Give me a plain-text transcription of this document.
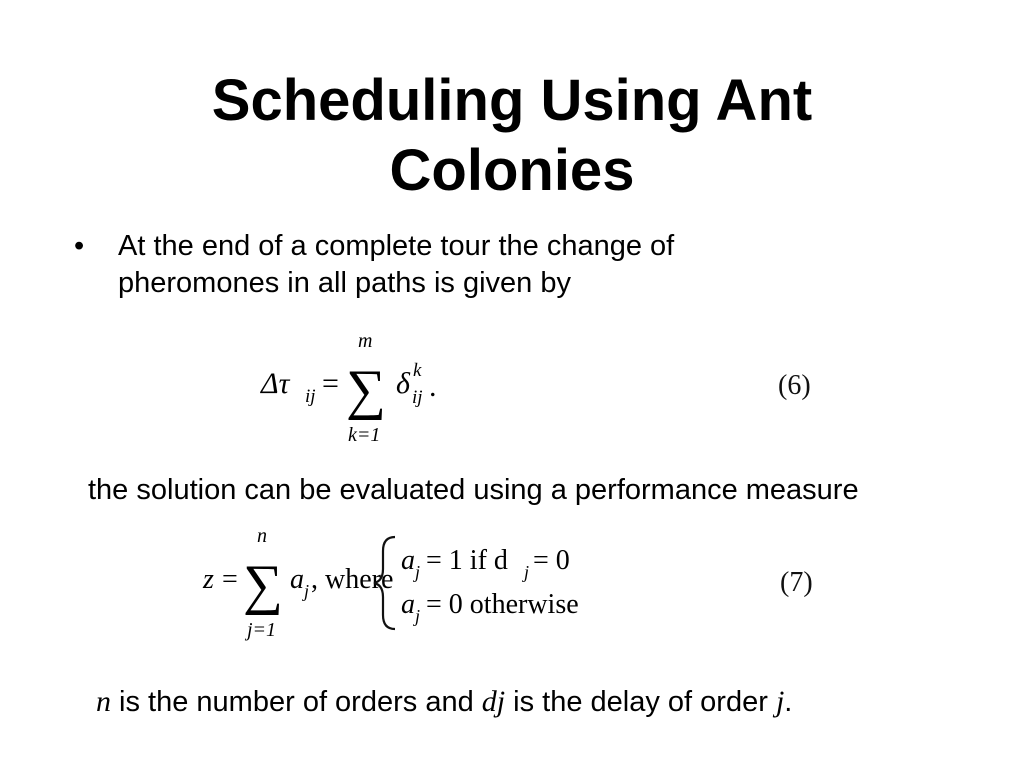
Scheduling Using Ant
Colonies
•	At the end of a complete tour the change of
pheromones in all paths is given by
Δτ ij = ∑
m
k=1
δ k
ij .	(6)
the solution can be evaluated using a performance measure
z = ∑
n
j=1
a j , where
a j = 1 if d j = 0
a j = 0 otherwise
(7)
n is the number of orders and dj is the delay of order j.
